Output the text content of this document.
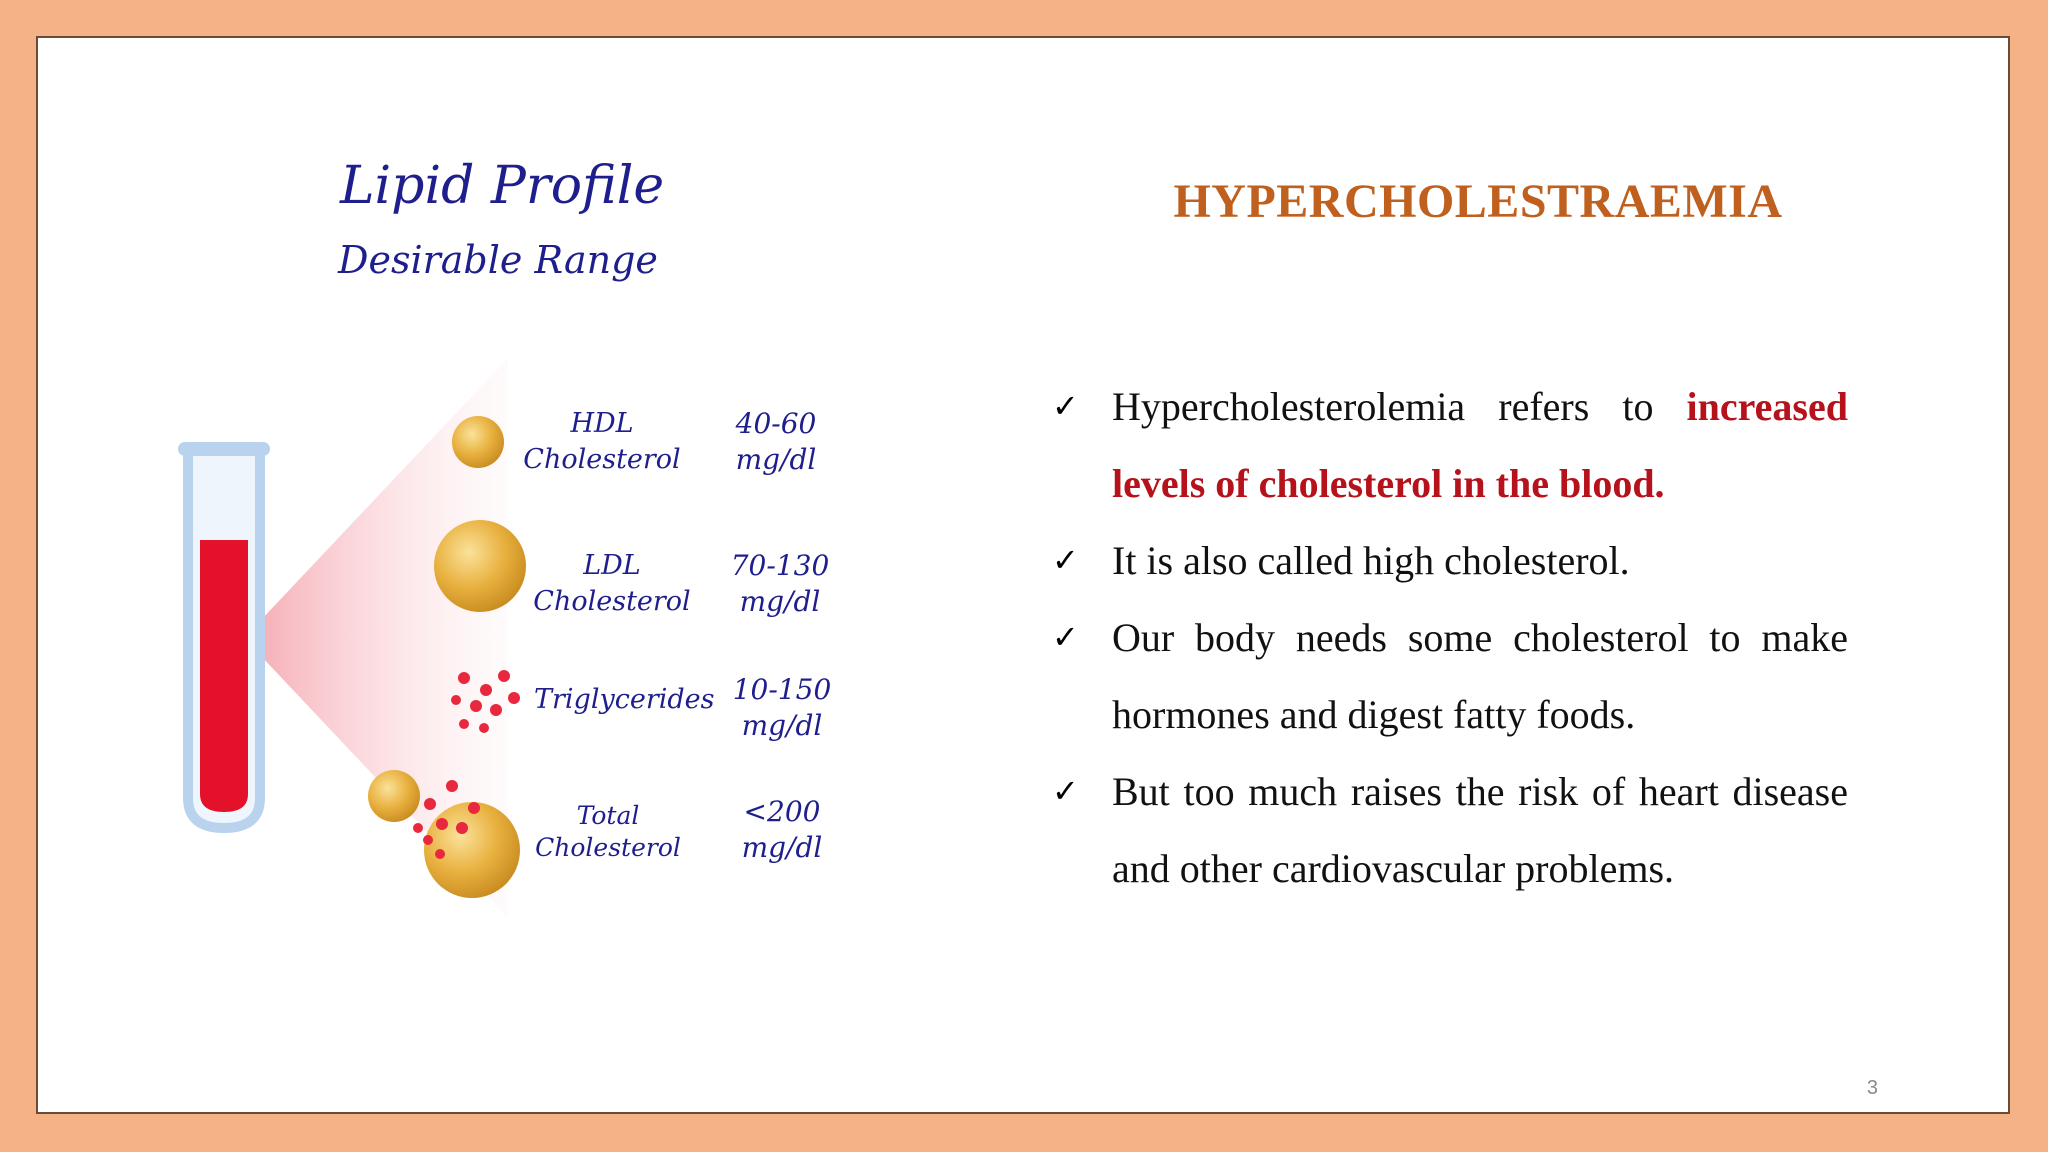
Lipid Profile
Desirable Range
HDL
Cholesterol
40-60
mg/dl
LDL
Cholesterol
70-130
mg/dl
Triglycerides 10-150
mg/dl
Total
Cholesterol
<200
mg/dl
HYPERCHOLESTRAEMIA
✓ Hypercholesterolemia refers to increased levels of cholesterol in the blood.
✓ It is also called high cholesterol.
✓ Our body needs some cholesterol to make hormones and digest fatty foods.
✓ But too much raises the risk of heart disease and other cardiovascular problems.
3
